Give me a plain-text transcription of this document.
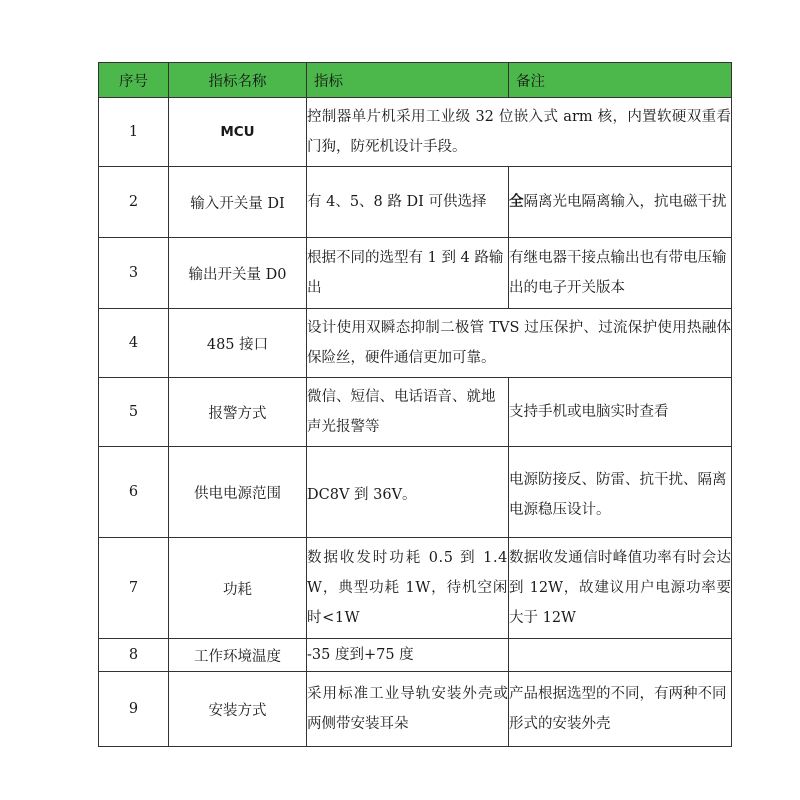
序号	指标名称	指标	备注
1	MCU	控制器单片机采用工业级 32 位嵌入式 arm 核，内置软硬双重看门狗，防死机设计手段。	
2	输入开关量 DI	有 4、5、8 路 DI 可供选择	全隔离光电隔离输入，抗电磁干扰
3	输出开关量 D0	根据不同的选型有 1 到 4 路输出	有继电器干接点输出也有带电压输出的电子开关版本
4	485 接口	设计使用双瞬态抑制二极管 TVS 过压保护、过流保护使用热融体保险丝，硬件通信更加可靠。	
5	报警方式	微信、短信、电话语音、就地声光报警等	支持手机或电脑实时查看
6	供电电源范围	DC8V 到 36V。	电源防接反、防雷、抗干扰、隔离电源稳压设计。
7	功耗	数据收发时功耗 0.5 到 1.4W，典型功耗 1W，待机空闲时<1W	数据收发通信时峰值功率有时会达到 12W，故建议用户电源功率要大于 12W
8	工作环境温度	-35 度到+75 度	
9	安装方式	采用标准工业导轨安装外壳或两侧带安装耳朵	产品根据选型的不同，有两种不同形式的安装外壳
